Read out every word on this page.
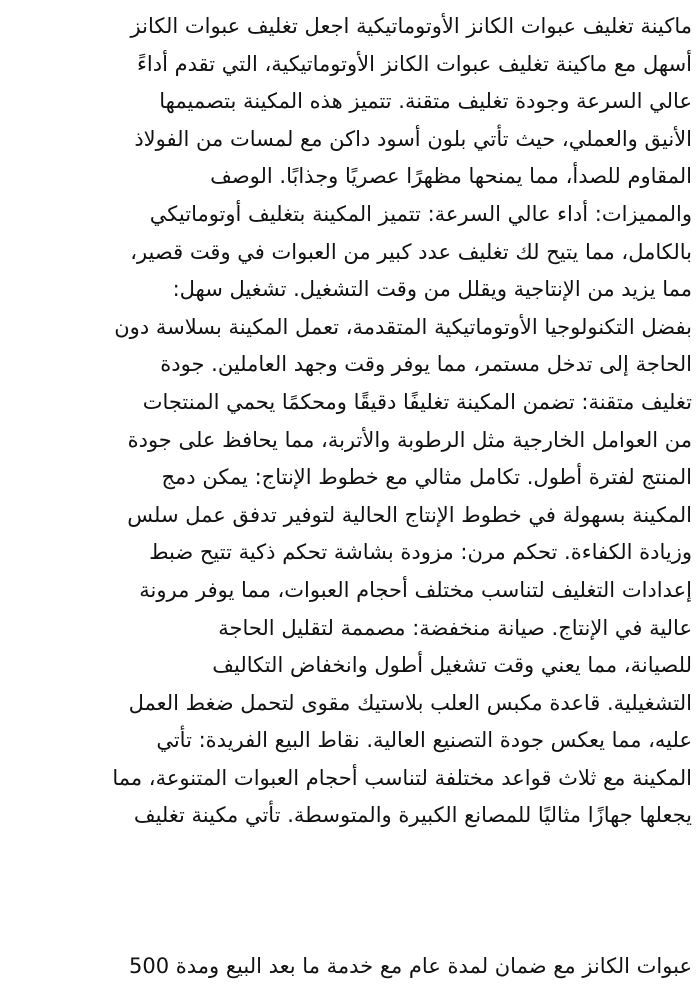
ماكينة تغليف عبوات الكانز الأوتوماتيكية اجعل تغليف عبوات الكانز
أسهل مع ماكينة تغليف عبوات الكانز الأوتوماتيكية، التي تقدم أداءً
عالي السرعة وجودة تغليف متقنة. تتميز هذه المكينة بتصميمها
الأنيق والعملي، حيث تأتي بلون أسود داكن مع لمسات من الفولاذ
المقاوم للصدأ، مما يمنحها مظهرًا عصريًا وجذابًا. الوصف
والمميزات: أداء عالي السرعة: تتميز المكينة بتغليف أوتوماتيكي
بالكامل، مما يتيح لك تغليف عدد كبير من العبوات في وقت قصير،
مما يزيد من الإنتاجية ويقلل من وقت التشغيل. تشغيل سهل:
بفضل التكنولوجيا الأوتوماتيكية المتقدمة، تعمل المكينة بسلاسة دون
الحاجة إلى تدخل مستمر، مما يوفر وقت وجهد العاملين. جودة
تغليف متقنة: تضمن المكينة تغليفًا دقيقًا ومحكمًا يحمي المنتجات
من العوامل الخارجية مثل الرطوبة والأتربة، مما يحافظ على جودة
المنتج لفترة أطول. تكامل مثالي مع خطوط الإنتاج: يمكن دمج
المكينة بسهولة في خطوط الإنتاج الحالية لتوفير تدفق عمل سلس
وزيادة الكفاءة. تحكم مرن: مزودة بشاشة تحكم ذكية تتيح ضبط
إعدادات التغليف لتناسب مختلف أحجام العبوات، مما يوفر مرونة
عالية في الإنتاج. صيانة منخفضة: مصممة لتقليل الحاجة
للصيانة، مما يعني وقت تشغيل أطول وانخفاض التكاليف
التشغيلية. قاعدة مكبس العلب بلاستيك مقوى لتحمل ضغط العمل
عليه، مما يعكس جودة التصنيع العالية. نقاط البيع الفريدة: تأتي
المكينة مع ثلاث قواعد مختلفة لتناسب أحجام العبوات المتنوعة، مما
يجعلها جهازًا مثاليًا للمصانع الكبيرة والمتوسطة. تأتي مكينة تغليف
عبوات الكانز مع ضمان لمدة عام مع خدمة ما بعد البيع ومدة 500
